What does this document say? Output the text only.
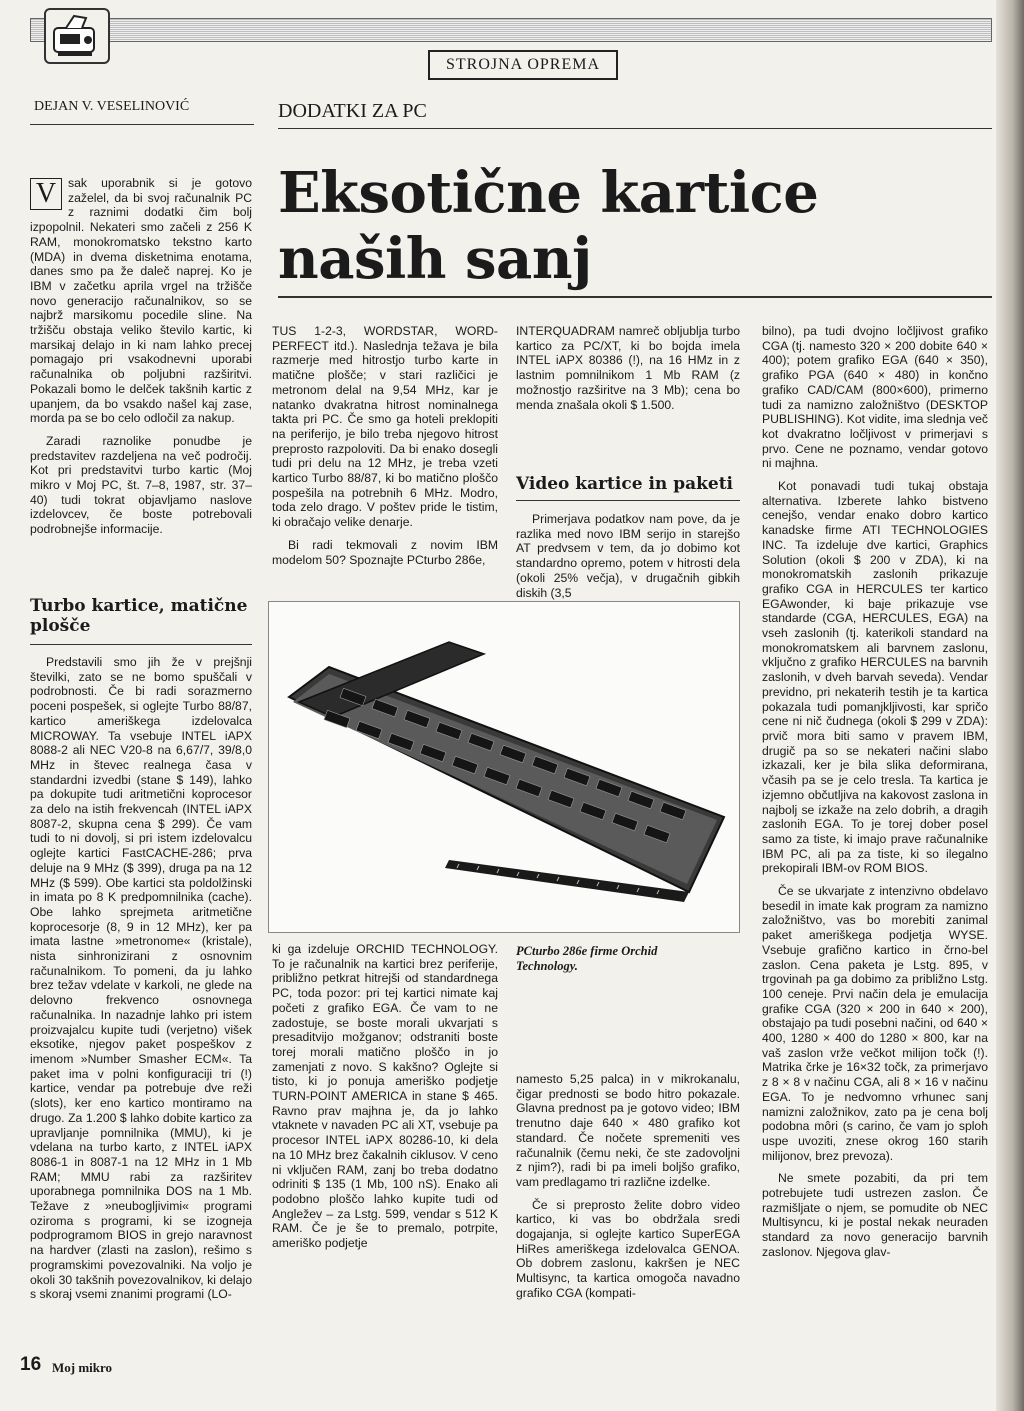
STROJNA OPREMA
DEJAN V. VESELINOVIĆ	DODATKI ZA PC
Eksotične kartice naših sanj

V sak uporabnik si je gotovo zaželel, da bi svoj računalnik PC z raznimi dodatki čim bolj izpopolnil. Nekateri smo začeli z 256 K RAM, monokromatsko tekstno karto (MDA) in dvema disketnima enotama, danes smo pa že daleč naprej. Ko je IBM v začetku aprila vrgel na tržišče novo generacijo računalnikov, so se najbrž marsikomu pocedile sline. Na tržišču obstaja veliko število kartic, ki marsikaj delajo in ki nam lahko precej pomagajo pri vsakodnevni uporabi računalnika ob poljubni razširitvi. Pokazali bomo le delček takšnih kartic z upanjem, da bo vsakdo našel kaj zase, morda pa se bo celo odločil za nakup.

Zaradi raznolike ponudbe je predstavitev razdeljena na več področij. Kot pri predstavitvi turbo kartic (Moj mikro v Moj PC, št. 7–8, 1987, str. 37–40) tudi tokrat objavljamo naslove izdelovcev, če boste potrebovali podrobnejše informacije.

Turbo kartice, matične plošče

Predstavili smo jih že v prejšnji številki, zato se ne bomo spuščali v podrobnosti. Če bi radi sorazmerno poceni pospešek, si oglejte Turbo 88/87, kartico ameriškega izdelovalca MICROWAY. Ta vsebuje INTEL iAPX 8088-2 ali NEC V20-8 na 6,67/7, 39/8,0 MHz in števec realnega časa v standardni izvedbi (stane $ 149), lahko pa dokupite tudi aritmetični koprocesor za delo na istih frekvencah (INTEL iAPX 8087-2, skupna cena $ 299). Če vam tudi to ni dovolj, si pri istem izdelovalcu oglejte kartici FastCACHE-286; prva deluje na 9 MHz ($ 399), druga pa na 12 MHz ($ 599). Obe kartici sta poldolžinski in imata po 8 K predpomnilnika (cache). Obe lahko sprejmeta aritmetične koprocesorje (8, 9 in 12 MHz), ker pa imata lastne »metronome« (kristale), nista sinhronizirani z osnovnim računalnikom. To pomeni, da ju lahko brez težav vdelate v karkoli, ne glede na delovno frekvenco osnovnega računalnika. In nazadnje lahko pri istem proizvajalcu kupite tudi (verjetno) višek eksotike, njegov paket pospeškov z imenom »Number Smasher ECM«. Ta paket ima v polni konfiguraciji tri (!) kartice, vendar pa potrebuje dve reži (slots), ker eno kartico montiramo na drugo. Za 1.200 $ lahko dobite kartico za upravljanje pomnilnika (MMU), ki je vdelana na turbo karto, z INTEL iAPX 8086-1 in 8087-1 na 12 MHz in 1 Mb RAM; MMU rabi za razširitev uporabnega pomnilnika DOS na 1 Mb. Težave z »neubogljivimi« programi oziroma s programi, ki se izogneja podprogramom BIOS in grejo naravnost na hardver (zlasti na zaslon), rešimo s programskimi povezovalniki. Na voljo je okoli 30 takšnih povezovalnikov, ki delajo s skoraj vsemi znanimi programi (LO-

TUS 1-2-3, WORDSTAR, WORD-PERFECT itd.). Naslednja težava je bila razmerje med hitrostjo turbo karte in matične plošče; v stari različici je metronom delal na 9,54 MHz, kar je natanko dvakratna hitrost nominalnega takta pri PC. Če smo ga hoteli preklopiti na periferijo, je bilo treba njegovo hitrost preprosto razpoloviti. Da bi enako dosegli tudi pri delu na 12 MHz, je treba vzeti kartico Turbo 88/87, ki bo matično ploščo pospešila na potrebnih 6 MHz. Modro, toda zelo drago. V poštev pride le tistim, ki obračajo velike denarje.

Bi radi tekmovali z novim IBM modelom 50? Spoznajte PCturbo 286e,

INTERQUADRAM namreč obljublja turbo kartico za PC/XT, ki bo bojda imela INTEL iAPX 80386 (!), na 16 HMz in z lastnim pomnilnikom 1 Mb RAM (z možnostjo razširitve na 3 Mb); cena bo menda znašala okoli $ 1.500.

Video kartice in paketi

Primerjava podatkov nam pove, da je razlika med novo IBM serijo in starejšo AT predvsem v tem, da jo dobimo kot standardno opremo, potem v hitrosti dela (okoli 25% večja), v drugačnih gibkih diskih (3,5

PCturbo 286e firme Orchid Technology.

ki ga izdeluje ORCHID TECHNOLOGY. To je računalnik na kartici brez periferije, približno petkrat hitrejši od standardnega PC, toda pozor: pri tej kartici nimate kaj početi z grafiko EGA. Če vam to ne zadostuje, se boste morali ukvarjati s presaditvijo možganov; odstraniti boste torej morali matično ploščo in jo zamenjati z novo. S kakšno? Oglejte si tisto, ki jo ponuja ameriško podjetje TURN-POINT AMERICA in stane $ 465. Ravno prav majhna je, da jo lahko vtaknete v navaden PC ali XT, vsebuje pa procesor INTEL iAPX 80286-10, ki dela na 10 MHz brez čakalnih ciklusov. V ceno ni vključen RAM, zanj bo treba dodatno odriniti $ 135 (1 Mb, 100 nS). Enako ali podobno ploščo lahko kupite tudi od Angležev – za Lstg. 599, vendar s 512 K RAM. Če je še to premalo, potrpite, ameriško podjetje

namesto 5,25 palca) in v mikrokanalu, čigar prednosti se bodo hitro pokazale. Glavna prednost pa je gotovo video; IBM trenutno daje 640 × 480 grafiko kot standard. Če nočete spremeniti ves računalnik (čemu neki, če ste zadovoljni z njim?), radi bi pa imeli boljšo grafiko, vam predlagamo tri različne izdelke.

Če si preprosto želite dobro video kartico, ki vas bo obdržala sredi dogajanja, si oglejte kartico SuperEGA HiRes ameriškega izdelovalca GENOA. Ob dobrem zaslonu, kakršen je NEC Multisync, ta kartica omogoča navadno grafiko CGA (kompati-

bilno), pa tudi dvojno ločljivost grafiko CGA (tj. namesto 320 × 200 dobite 640 × 400); potem grafiko EGA (640 × 350), grafiko PGA (640 × 480) in končno grafiko CAD/CAM (800×600), primerno tudi za namizno založništvo (DESKTOP PUBLISHING). Kot vidite, ima slednja več kot dvakratno ločljivost v primerjavi s prvo. Cene ne poznamo, vendar gotovo ni majhna.

Kot ponavadi tudi tukaj obstaja alternativa. Izberete lahko bistveno cenejšo, vendar enako dobro kartico kanadske firme ATI TECHNOLOGIES INC. Ta izdeluje dve kartici, Graphics Solution (okoli $ 200 v ZDA), ki na monokromatskih zaslonih prikazuje grafiko CGA in HERCULES ter kartico EGAwonder, ki baje prikazuje vse standarde (CGA, HERCULES, EGA) na vseh zaslonih (tj. katerikoli standard na monokromatskem ali barvnem zaslonu, vključno z grafiko HERCULES na barvnih zaslonih, v dveh barvah seveda). Vendar previdno, pri nekaterih testih je ta kartica pokazala tudi pomanjkljivosti, kar spričo cene ni nič čudnega (okoli $ 299 v ZDA): prvič mora biti samo v pravem IBM, drugič pa so se nekateri načini slabo izkazali, ker je bila slika deformirana, včasih pa se je celo tresla. Ta kartica je izjemno občutljiva na kakovost zaslona in najbolj se izkaže na zelo dobrih, a dragih zaslonih EGA. To je torej dober posel samo za tiste, ki imajo prave računalnike IBM PC, ali pa za tiste, ki so ilegalno prekopirali IBM-ov ROM BIOS.

Če se ukvarjate z intenzivno obdelavo besedil in imate kak program za namizno založništvo, vas bo morebiti zanimal paket ameriškega podjetja WYSE. Vsebuje grafično kartico in črno-bel zaslon. Cena paketa je Lstg. 895, v trgovinah pa ga dobimo za približno Lstg. 100 ceneje. Prvi način dela je emulacija grafike CGA (320 × 200 in 640 × 200), obstajajo pa tudi posebni načini, od 640 × 400, 1280 × 400 do 1280 × 800, kar na vaš zaslon vrže večkot milijon točk (!). Matrika črke je 16×32 točk, za primerjavo z 8 × 8 v načinu CGA, ali 8 × 16 v načinu EGA. To je nedvomno vrhunec sanj namizni založnikov, zato pa je cena bolj podobna môri (s carino, če vam jo sploh uspe uvoziti, znese okrog 160 starih milijonov, brez prevoza).

Ne smete pozabiti, da pri tem potrebujete tudi ustrezen zaslon. Če razmišljate o njem, se pomudite ob NEC Multisyncu, ki je postal nekak neuraden standard za novo generacijo barvnih zaslonov. Njegova glav-

16 Moj mikro
